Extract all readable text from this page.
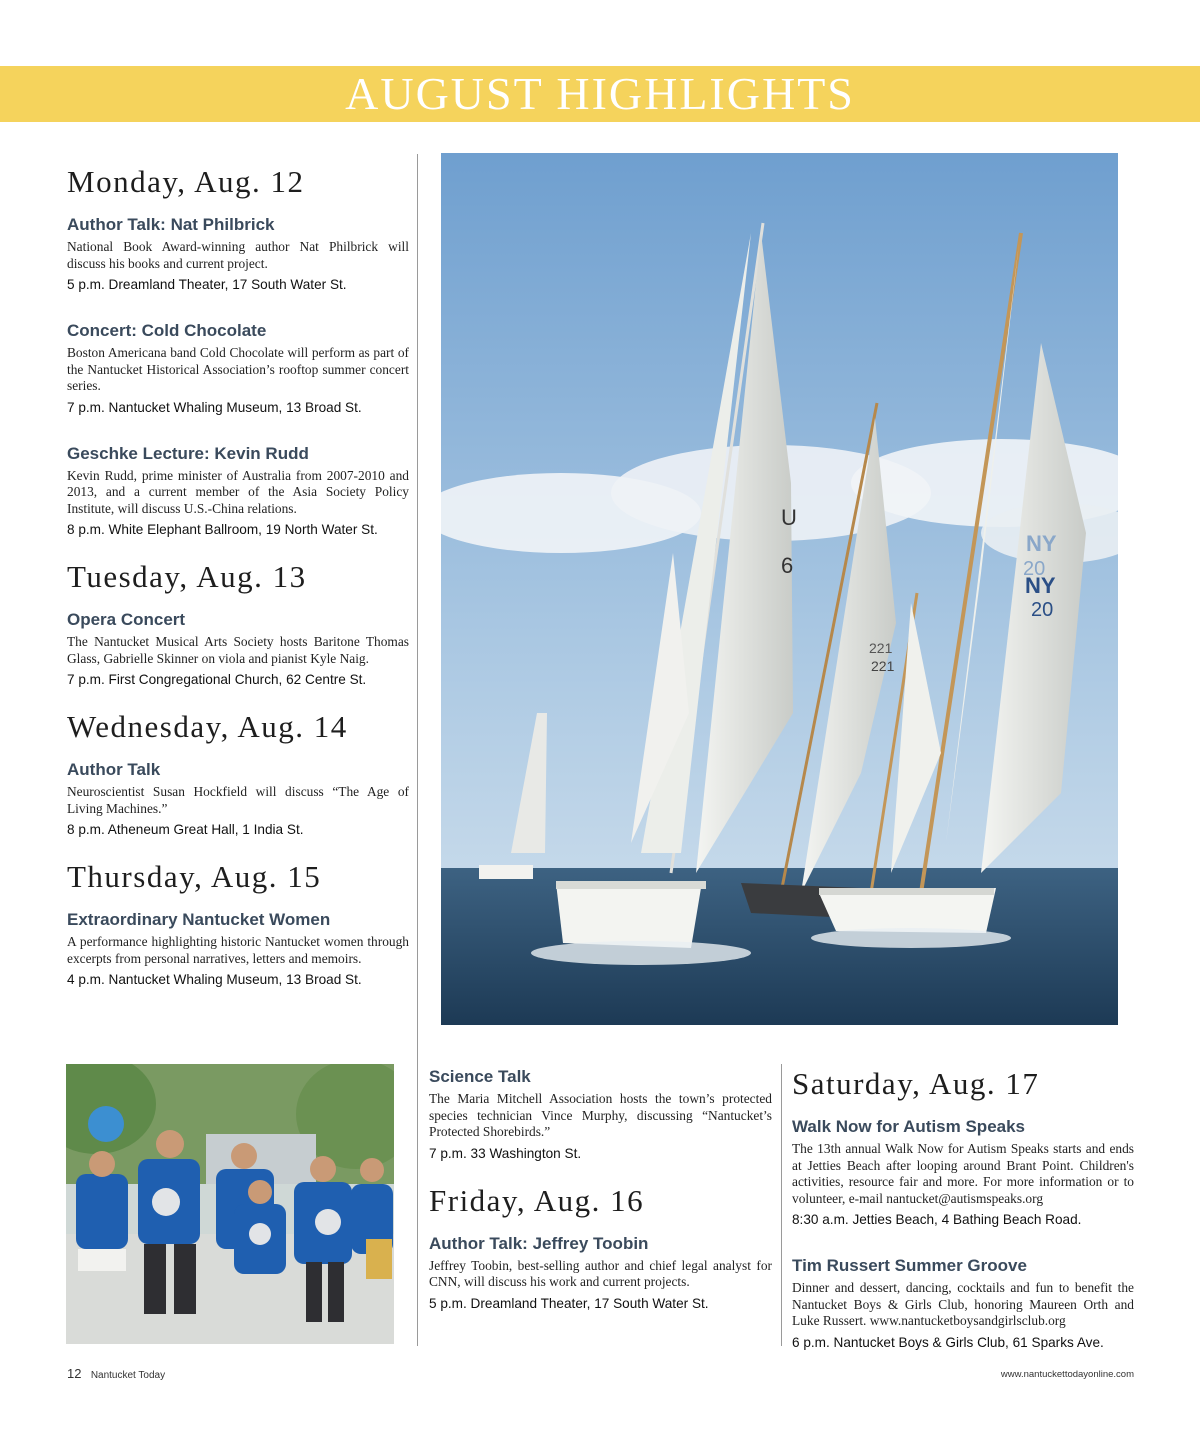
AUGUST HIGHLIGHTS
Monday, Aug. 12
Author Talk: Nat Philbrick
National Book Award-winning author Nat Philbrick will discuss his books and current project.
5 p.m. Dreamland Theater, 17 South Water St.
Concert: Cold Chocolate
Boston Americana band Cold Chocolate will perform as part of the Nantucket Historical Association’s rooftop summer concert series.
7 p.m. Nantucket Whaling Museum, 13 Broad St.
Geschke Lecture: Kevin Rudd
Kevin Rudd, prime minister of Australia from 2007-2010 and 2013, and a current member of the Asia Society Policy Institute, will discuss U.S.-China relations.
8 p.m. White Elephant Ballroom, 19 North Water St.
Tuesday, Aug. 13
Opera Concert
The Nantucket Musical Arts Society hosts Baritone Thomas Glass, Gabrielle Skinner on viola and pianist Kyle Naig.
7 p.m. First Congregational Church, 62 Centre St.
Wednesday, Aug. 14
Author Talk
Neuroscientist Susan Hockfield will discuss “The Age of Living Machines.”
8 p.m. Atheneum Great Hall, 1 India St.
Thursday, Aug. 15
Extraordinary Nantucket Women
A performance highlighting historic Nantucket women through excerpts from personal narratives, letters and memoirs.
4 p.m. Nantucket Whaling Museum, 13 Broad St.
NY
20
NY
20
221
221
U
6
Science Talk
The Maria Mitchell Association hosts the town’s protected species technician Vince Murphy, discussing “Nantucket’s Protected Shorebirds.”
7 p.m. 33 Washington St.
Friday, Aug. 16
Author Talk: Jeffrey Toobin
Jeffrey Toobin, best-selling author and chief legal analyst for CNN, will discuss his work and current projects.
5 p.m. Dreamland Theater, 17 South Water St.
Saturday, Aug. 17
Walk Now for Autism Speaks
The 13th annual Walk Now for Autism Speaks starts and ends at Jetties Beach after looping around Brant Point. Children's activities, resource fair and more. For more information or to volunteer, e-mail nantucket@autismspeaks.org
8:30 a.m. Jetties Beach, 4 Bathing Beach Road.
Tim Russert Summer Groove
Dinner and dessert, dancing, cocktails and fun to benefit the Nantucket Boys & Girls Club, honoring Maureen Orth and Luke Russert. www.nantucketboysandgirlsclub.org
6 p.m. Nantucket Boys & Girls Club, 61 Sparks Ave.
12 Nantucket Today	www.nantuckettodayonline.com
